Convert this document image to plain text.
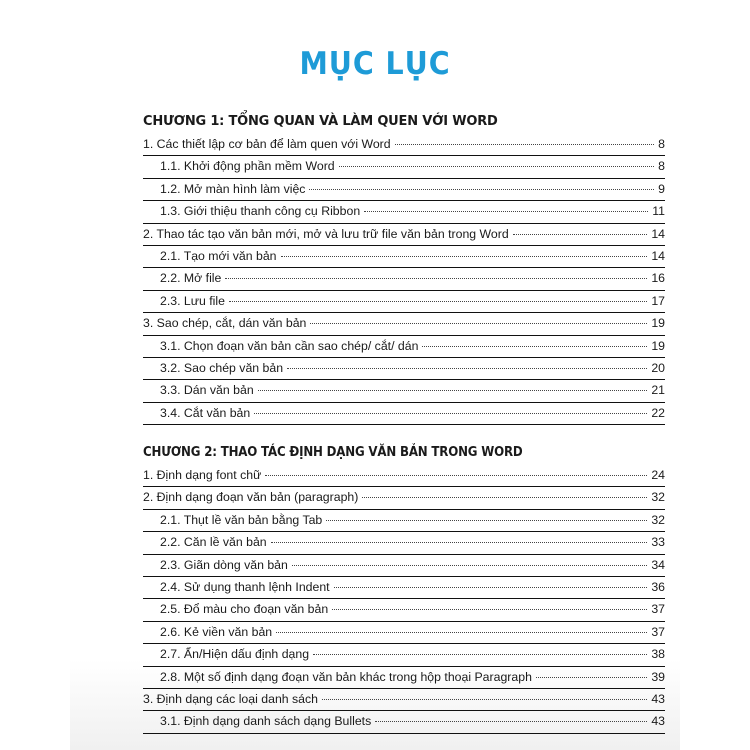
MỤC LỤC
CHƯƠNG 1: TỔNG QUAN VÀ LÀM QUEN VỚI WORD
1. Các thiết lập cơ bản để làm quen với Word	8
1.1. Khởi động phần mềm Word	8
1.2. Mở màn hình làm việc	9
1.3. Giới thiệu thanh công cụ Ribbon	11
2. Thao tác tạo văn bản mới, mở và lưu trữ file văn bản trong Word	14
2.1. Tạo mới văn bản	14
2.2. Mở file	16
2.3. Lưu file	17
3. Sao chép, cắt, dán văn bản	19
3.1. Chọn đoạn văn bản cần sao chép/ cắt/ dán	19
3.2. Sao chép văn bản	20
3.3. Dán văn bản	21
3.4. Cắt văn bản	22
CHƯƠNG 2: THAO TÁC ĐỊNH DẠNG VĂN BẢN TRONG WORD
1. Định dạng font chữ	24
2. Định dạng đoạn văn bản (paragraph)	32
2.1. Thụt lề văn bản bằng Tab	32
2.2. Căn lề văn bản	33
2.3. Giãn dòng văn bản	34
2.4. Sử dụng thanh lệnh Indent	36
2.5. Đổ màu cho đoạn văn bản	37
2.6. Kẻ viền văn bản	37
2.7. Ẩn/Hiện dấu định dạng	38
2.8. Một số định dạng đoạn văn bản khác trong hộp thoại Paragraph	39
3. Định dạng các loại danh sách	43
3.1. Định dạng danh sách dạng Bullets	43
